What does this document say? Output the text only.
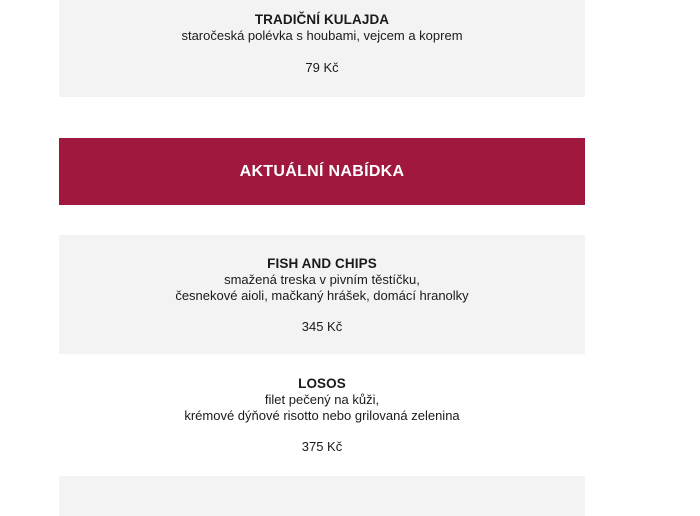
TRADIČNÍ KULAJDA
staročeská polévka s houbami, vejcem a koprem
79 Kč
AKTUÁLNÍ NABÍDKA
FISH AND CHIPS
smažená treska v pivním těstíčku,
česnekové aioli, mačkaný hrášek, domácí hranolky
345 Kč
LOSOS
filet pečený na kůži,
krémové dýňové risotto nebo grilovaná zelenina
375 Kč
